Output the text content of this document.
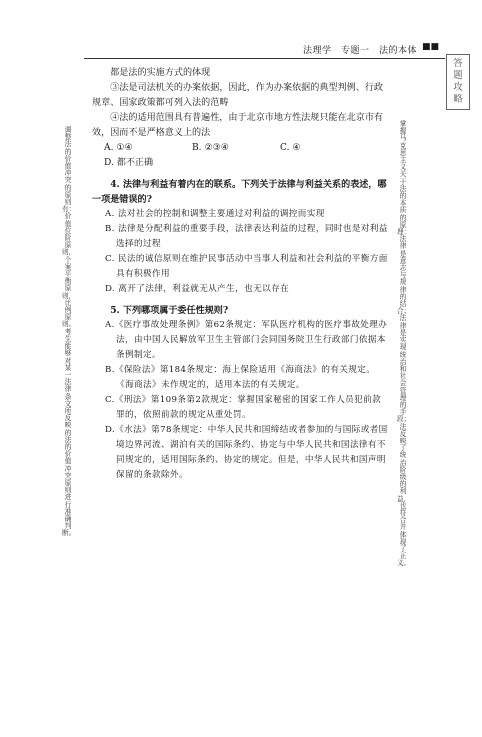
法理学　专题一　法的本体 ■■
答
题
攻
略
调整法的价值冲突的原则有：价值位阶原则，个案平衡原则，比例原则。考生能够对某一法律条文所反映的法的价值冲突原则进行准确判断。
掌握马克思主义关于法的本质的原理：法律是意志与规律的结合；法律是实现统治和社会管理的手段；法反映了统治阶级的利益，也符合并体现了正义。

都是法的实施方式的体现

③法是司法机关的办案依据，因此，作为办案依据的典型判例、行政规章、国家政策都可列入法的范畴

④法的适用范围具有普遍性，由于北京市地方性法规只能在北京市有效，因而不是严格意义上的法

A. ①④	B. ②③④	C. ④

D. 都不正确

4. 法律与利益有着内在的联系。下列关于法律与利益关系的表述，哪一项是错误的?

A. 法对社会的控制和调整主要通过对利益的调控而实现

B. 法律是分配利益的重要手段，法律表达利益的过程，同时也是对利益选择的过程

C. 民法的诚信原则在维护民事活动中当事人利益和社会利益的平衡方面具有积极作用

D. 离开了法律，利益就无从产生，也无以存在

5. 下列哪项属于委任性规则?

A.《医疗事故处理条例》第62条规定：军队医疗机构的医疗事故处理办法，由中国人民解放军卫生主管部门会同国务院卫生行政部门依据本条例制定。

B.《保险法》第184条规定：海上保险适用《海商法》的有关规定。《海商法》未作规定的，适用本法的有关规定。

C.《刑法》第109条第2款规定：掌握国家秘密的国家工作人员犯前款罪的，依照前款的规定从重处罚。

D.《水法》第78条规定：中华人民共和国缔结或者参加的与国际或者国境边界河流、湖泊有关的国际条约、协定与中华人民共和国法律有不同规定的，适用国际条约、协定的规定。但是，中华人民共和国声明保留的条款除外。
